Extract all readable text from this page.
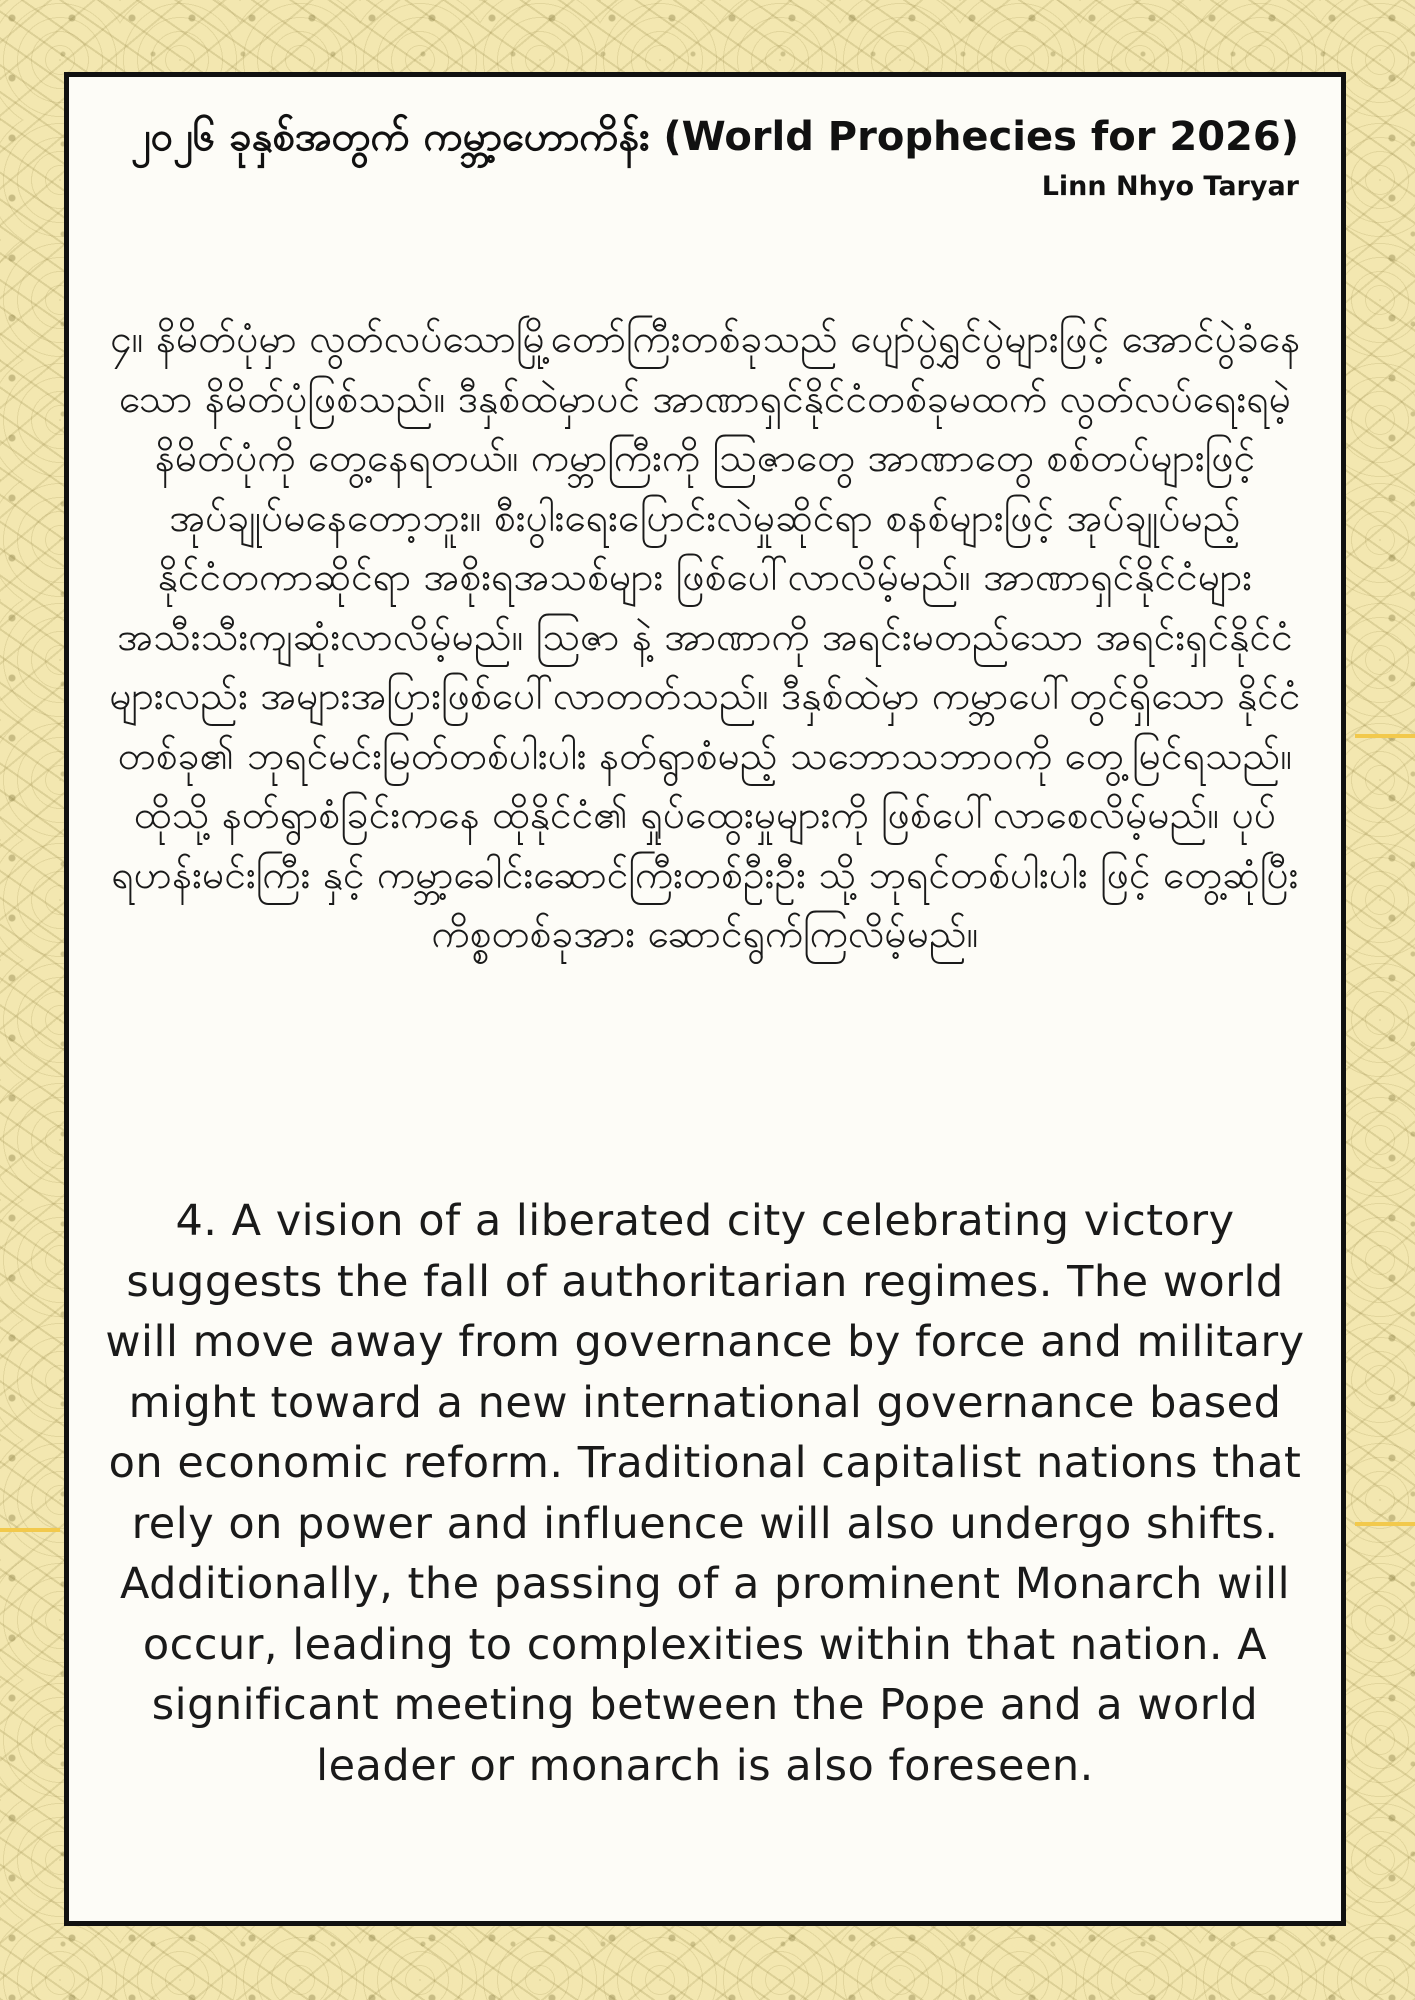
၂၀၂၆ ခုနှစ်အတွက် ကမ္ဘာ့ဟောကိန်း (World Prophecies for 2026)
Linn Nhyo Taryar
၄။ နိမိတ်ပုံမှာ လွတ်လပ်သောမြို့တော်ကြီးတစ်ခုသည် ပျော်ပွဲရွှင်ပွဲများဖြင့် အောင်ပွဲခံနေသော နိမိတ်ပုံဖြစ်သည်။ ဒီနှစ်ထဲမှာပင် အာဏာရှင်နိုင်ငံတစ်ခုမထက် လွတ်လပ်ရေးရမဲ့ နိမိတ်ပုံကို တွေ့နေရတယ်။ ကမ္ဘာကြီးကို ဩဇာတွေ အာဏာတွေ စစ်တပ်များဖြင့် အုပ်ချုပ်မနေတော့ဘူး။ စီးပွါးရေးပြောင်းလဲမှုဆိုင်ရာ စနစ်များဖြင့် အုပ်ချုပ်မည့် နိုင်ငံတကာဆိုင်ရာ အစိုးရအသစ်များ ဖြစ်ပေါ်လာလိမ့်မည်။ အာဏာရှင်နိုင်ငံများ အသီးသီးကျဆုံးလာလိမ့်မည်။ ဩဇာ နဲ့ အာဏာကို အရင်းမတည်သော အရင်းရှင်နိုင်ငံများလည်း အများအပြားဖြစ်ပေါ်လာတတ်သည်။ ဒီနှစ်ထဲမှာ ကမ္ဘာပေါ်တွင်ရှိသော နိုင်ငံတစ်ခု၏ ဘုရင်မင်းမြတ်တစ်ပါးပါး နတ်ရွာစံမည့် သဘောသဘာဝကို တွေ့မြင်ရသည်။ ထိုသို့ နတ်ရွာစံခြင်းကနေ ထိုနိုင်ငံ၏ ရှုပ်ထွေးမှုများကို ဖြစ်ပေါ်လာစေလိမ့်မည်။ ပုပ်ရဟန်းမင်းကြီး နှင့် ကမ္ဘာ့ခေါင်းဆောင်ကြီးတစ်ဦးဦး သို့ ဘုရင်တစ်ပါးပါး ဖြင့် တွေ့ဆုံပြီး ကိစ္စတစ်ခုအား ဆောင်ရွက်ကြလိမ့်မည်။
4. A vision of a liberated city celebrating victory suggests the fall of authoritarian regimes. The world will move away from governance by force and military might toward a new international governance based on economic reform. Traditional capitalist nations that rely on power and influence will also undergo shifts. Additionally, the passing of a prominent Monarch will occur, leading to complexities within that nation. A significant meeting between the Pope and a world leader or monarch is also foreseen.
